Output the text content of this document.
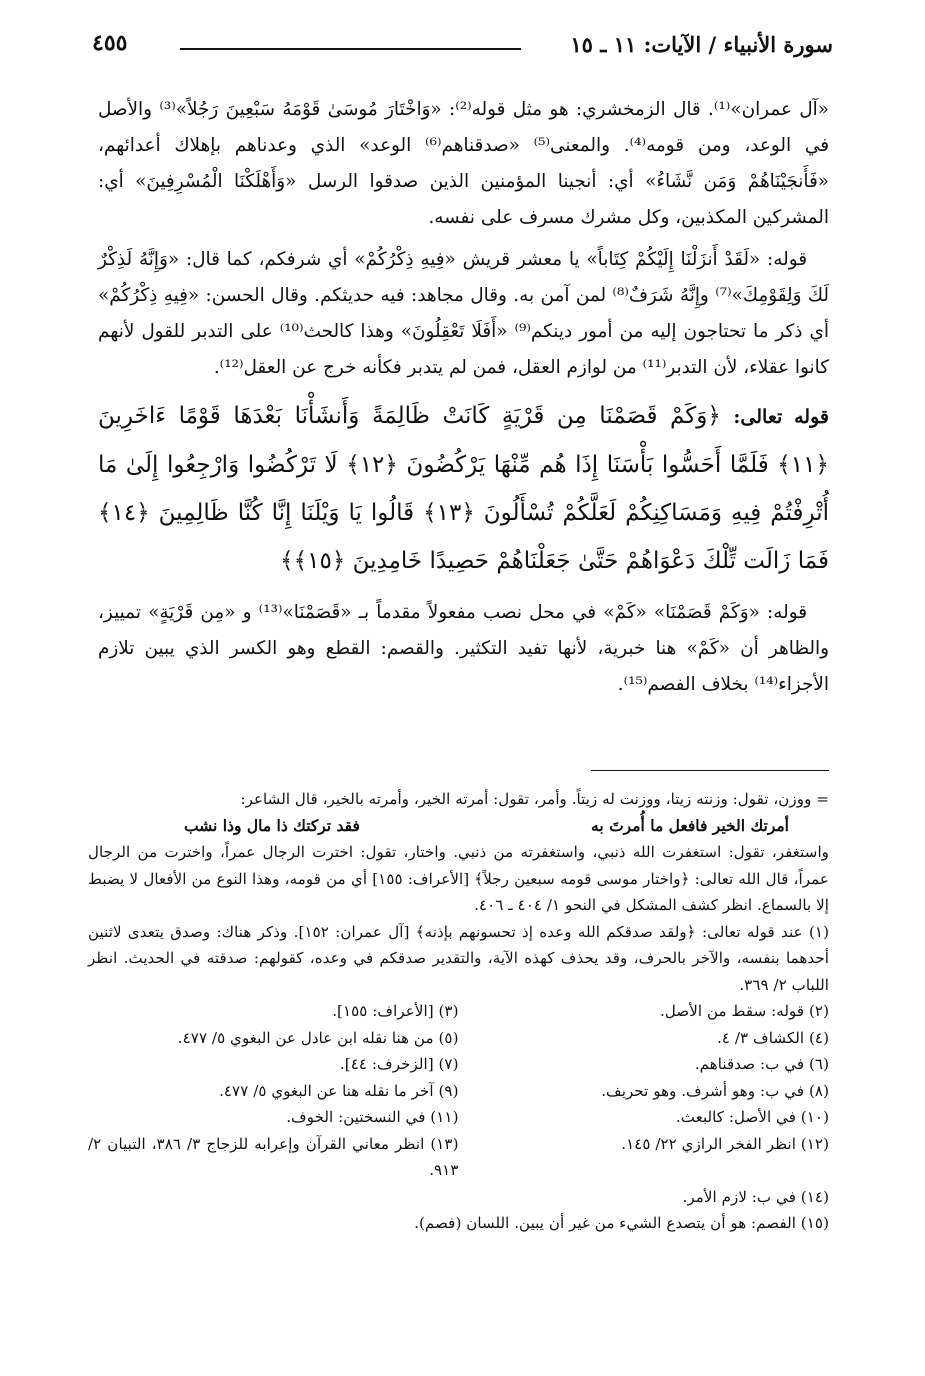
سورة الأنبياء / الآيات: ١١ ـ ١٥
٤٥٥

«آل عمران»⁽¹⁾. قال الزمخشري: هو مثل قوله⁽²⁾: «وَاخْتَارَ مُوسَىٰ قَوْمَهُ سَبْعِينَ رَجُلاً»⁽³⁾ والأصل في الوعد، ومن قومه⁽⁴⁾. والمعنى⁽⁵⁾ «صدقناهم⁽⁶⁾ الوعد» الذي وعدناهم بإهلاك أعدائهم، «فَأَنجَيْنَاهُمْ وَمَن نَّشَاءُ» أي: أنجينا المؤمنين الذين صدقوا الرسل «وَأَهْلَكْنَا الْمُسْرِفِينَ» أي: المشركين المكذبين، وكل مشرك مسرف على نفسه.

قوله: «لَقَدْ أَنزَلْنَا إِلَيْكُمْ كِتَاباً» يا معشر قريش «فِيهِ ذِكْرُكُمْ» أي شرفكم، كما قال: «وَإِنَّهُ لَذِكْرٌ لَكَ وَلِقَوْمِكَ»⁽⁷⁾ وإِنَّهُ شَرَفٌ⁽⁸⁾ لمن آمن به. وقال مجاهد: فيه حديثكم. وقال الحسن: «فِيهِ ذِكْرُكُمْ» أي ذكر ما تحتاجون إليه من أمور دينكم⁽⁹⁾ «أَفَلَا تَعْقِلُونَ» وهذا كالحث⁽¹⁰⁾ على التدبر للقول لأنهم كانوا عقلاء، لأن التدبر⁽¹¹⁾ من لوازم العقل، فمن لم يتدبر فكأنه خرج عن العقل⁽¹²⁾.

قوله تعالى: ﴿وَكَمْ قَصَمْنَا مِن قَرْيَةٍ كَانَتْ ظَالِمَةً وَأَنشَأْنَا بَعْدَهَا قَوْمًا ءَاخَرِينَ ﴿١١﴾ فَلَمَّا أَحَسُّوا بَأْسَنَا إِذَا هُم مِّنْهَا يَرْكُضُونَ ﴿١٢﴾ لَا تَرْكُضُوا وَارْجِعُوا إِلَىٰ مَا أُتْرِفْتُمْ فِيهِ وَمَسَاكِنِكُمْ لَعَلَّكُمْ تُسْأَلُونَ ﴿١٣﴾ قَالُوا يَا وَيْلَنَا إِنَّا كُنَّا ظَالِمِينَ ﴿١٤﴾ فَمَا زَالَت تِّلْكَ دَعْوَاهُمْ حَتَّىٰ جَعَلْنَاهُمْ حَصِيدًا خَامِدِينَ ﴿١٥﴾﴾

قوله: «وَكَمْ قَصَمْنَا» «كَمْ» في محل نصب مفعولاً مقدماً بـ «قَصَمْنَا»⁽¹³⁾ و «مِن قَرْيَةٍ» تمييز، والظاهر أن «كَمْ» هنا خبرية، لأنها تفيد التكثير. والقصم: القطع وهو الكسر الذي يبين تلازم الأجزاء⁽¹⁴⁾ بخلاف الفصم⁽¹⁵⁾.

= ووزن، تقول: وزنته زيتا، ووزنت له زيتاً. وأمر، تقول: أمرته الخير، وأمرته بالخير، قال الشاعر:

أمرتك الخير فافعل ما أُمرتَ به
فقد تركتك ذا مال وذا نشب

واستغفر، تقول: استغفرت الله ذنبي، واستغفرته من ذنبي. واختار، تقول: اخترت الرجال عمراً، واخترت من الرجال عمراً، قال الله تعالى: ﴿واختار موسى قومه سبعين رجلاً﴾ [الأعراف: ١٥٥] أي من قومه، وهذا النوع من الأفعال لا يضبط إلا بالسماع. انظر كشف المشكل في النحو ١/ ٤٠٤ ـ ٤٠٦.

(١) عند قوله تعالى: ﴿ولقد صدقكم الله وعده إذ تحسونهم بإذنه﴾ [آل عمران: ١٥٢]. وذكر هناك: وصدق يتعدى لاثنين أحدهما بنفسه، والآخر بالحرف، وقد يحذف كهذه الآية، والتقدير صدقكم في وعده، كقولهم: صدقته في الحديث. انظر اللباب ٢/ ٣٦٩.

(٢) قوله: سقط من الأصل.
(٣) [الأعراف: ١٥٥].
(٤) الكشاف ٣/ ٤.
(٥) من هنا نقله ابن عادل عن البغوي ٥/ ٤٧٧.
(٦) في ب: صدقناهم.
(٧) [الزخرف: ٤٤].
(٨) في ب: وهو أشرف. وهو تحريف.
(٩) آخر ما نقله هنا عن البغوي ٥/ ٤٧٧.
(١٠) في الأصل: كالبعث.
(١١) في النسختين: الخوف.
(١٢) انظر الفخر الرازي ٢٢/ ١٤٥.
(١٣) انظر معاني القرآن وإعرابه للزجاج ٣/ ٣٨٦، التبيان ٢/ ٩١٣.

(١٤) في ب: لازم الأمر.

(١٥) الفصم: هو أن يتصدع الشيء من غير أن يبين. اللسان (فصم).
